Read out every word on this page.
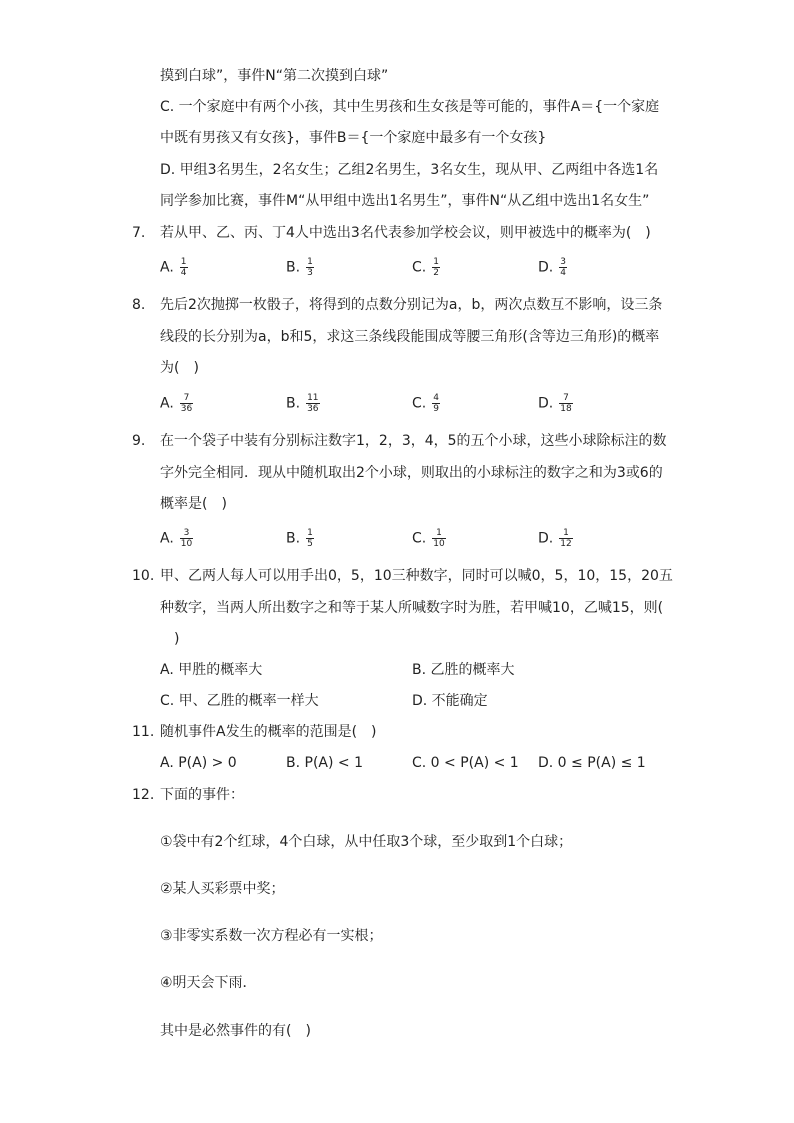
摸到白球”，事件N“第二次摸到白球”
C. 一个家庭中有两个小孩，其中生男孩和生女孩是等可能的，事件A＝{一个家庭
中既有男孩又有女孩}，事件B＝{一个家庭中最多有一个女孩}
D. 甲组3名男生，2名女生；乙组2名男生，3名女生，现从甲、乙两组中各选1名
同学参加比赛，事件M“从甲组中选出1名男生”，事件N“从乙组中选出1名女生”
7. 若从甲、乙、丙、丁4人中选出3名代表参加学校会议，则甲被选中的概率为(　)
A. $\frac{1}{4}$	B. $\frac{1}{3}$	C. $\frac{1}{2}$	D. $\frac{3}{4}$
8. 先后2次抛掷一枚骰子，将得到的点数分别记为a，b，两次点数互不影响，设三条
线段的长分别为a，b和5，求这三条线段能围成等腰三角形(含等边三角形)的概率
为(　)
A. $\frac{7}{36}$	B. $\frac{11}{36}$	C. $\frac{4}{9}$	D. $\frac{7}{18}$
9. 在一个袋子中装有分别标注数字1，2，3，4，5的五个小球，这些小球除标注的数
字外完全相同．现从中随机取出2个小球，则取出的小球标注的数字之和为3或6的
概率是(　)
A. $\frac{3}{10}$	B. $\frac{1}{5}$	C. $\frac{1}{10}$	D. $\frac{1}{12}$
10. 甲、乙两人每人可以用手出0，5，10三种数字，同时可以喊0，5，10，15，20五
种数字，当两人所出数字之和等于某人所喊数字时为胜，若甲喊10，乙喊15，则(
)
A. 甲胜的概率大	B. 乙胜的概率大
C. 甲、乙胜的概率一样大	D. 不能确定
11. 随机事件A发生的概率的范围是(　)
A. P(A) > 0	B. P(A) < 1	C. 0 < P(A) < 1 D. 0 ≤ P(A) ≤ 1
12. 下面的事件：
①袋中有2个红球，4个白球，从中任取3个球，至少取到1个白球；
②某人买彩票中奖；
③非零实系数一次方程必有一实根；
④明天会下雨．
其中是必然事件的有(　)
